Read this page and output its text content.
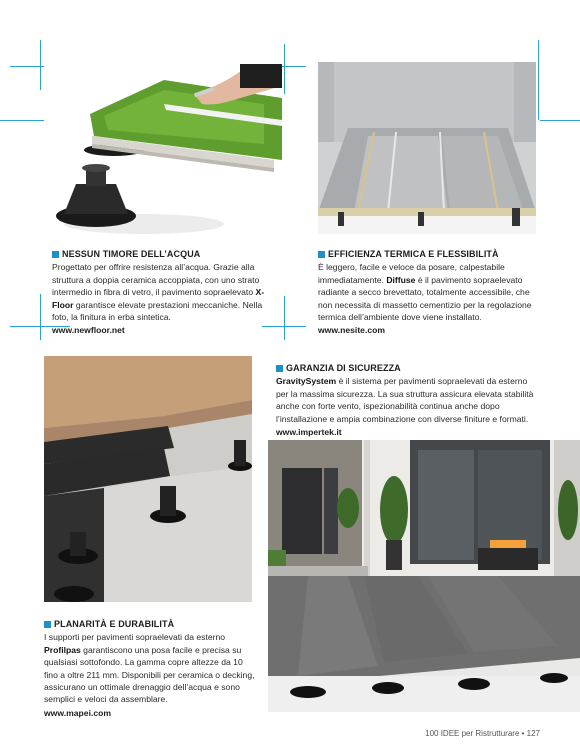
NESSUN TIMORE DELL’ACQUA
Progettato per offrire resistenza all’acqua. Grazie alla struttura a doppia ceramica accoppiata, con uno strato intermedio in fibra di vetro, il pavimento sopraelevato X-Floor garantisce elevate prestazioni meccaniche. Nella foto, la finitura in erba sintetica.
www.newfloor.net
EFFICIENZA TERMICA E FLESSIBILITÀ
È leggero, facile e veloce da posare, calpestabile immediatamente. Diffuse è il pavimento sopraelevato radiante a secco brevettato, totalmente accessibile, che non necessita di massetto cementizio per la regolazione termica dell’ambiente dove viene installato.
www.nesite.com
GARANZIA DI SICUREZZA
GravitySystem è il sistema per pavimenti sopraelevati da esterno per la massima sicurezza. La sua struttura assicura elevata stabilità anche con forte vento, ispezionabilità continua anche dopo l’installazione e ampia combinazione con diverse finiture e formati.
www.impertek.it
PLANARITÀ E DURABILITÀ
I supporti per pavimenti sopraelevati da esterno Profilpas garantiscono una posa facile e precisa su qualsiasi sottofondo. La gamma copre altezze da 10 fino a oltre 211 mm. Disponibili per ceramica o decking, assicurano un ottimale drenaggio dell’acqua e sono semplici e veloci da assemblare.
www.mapei.com
100 IDEE per Ristrutturare • 127
